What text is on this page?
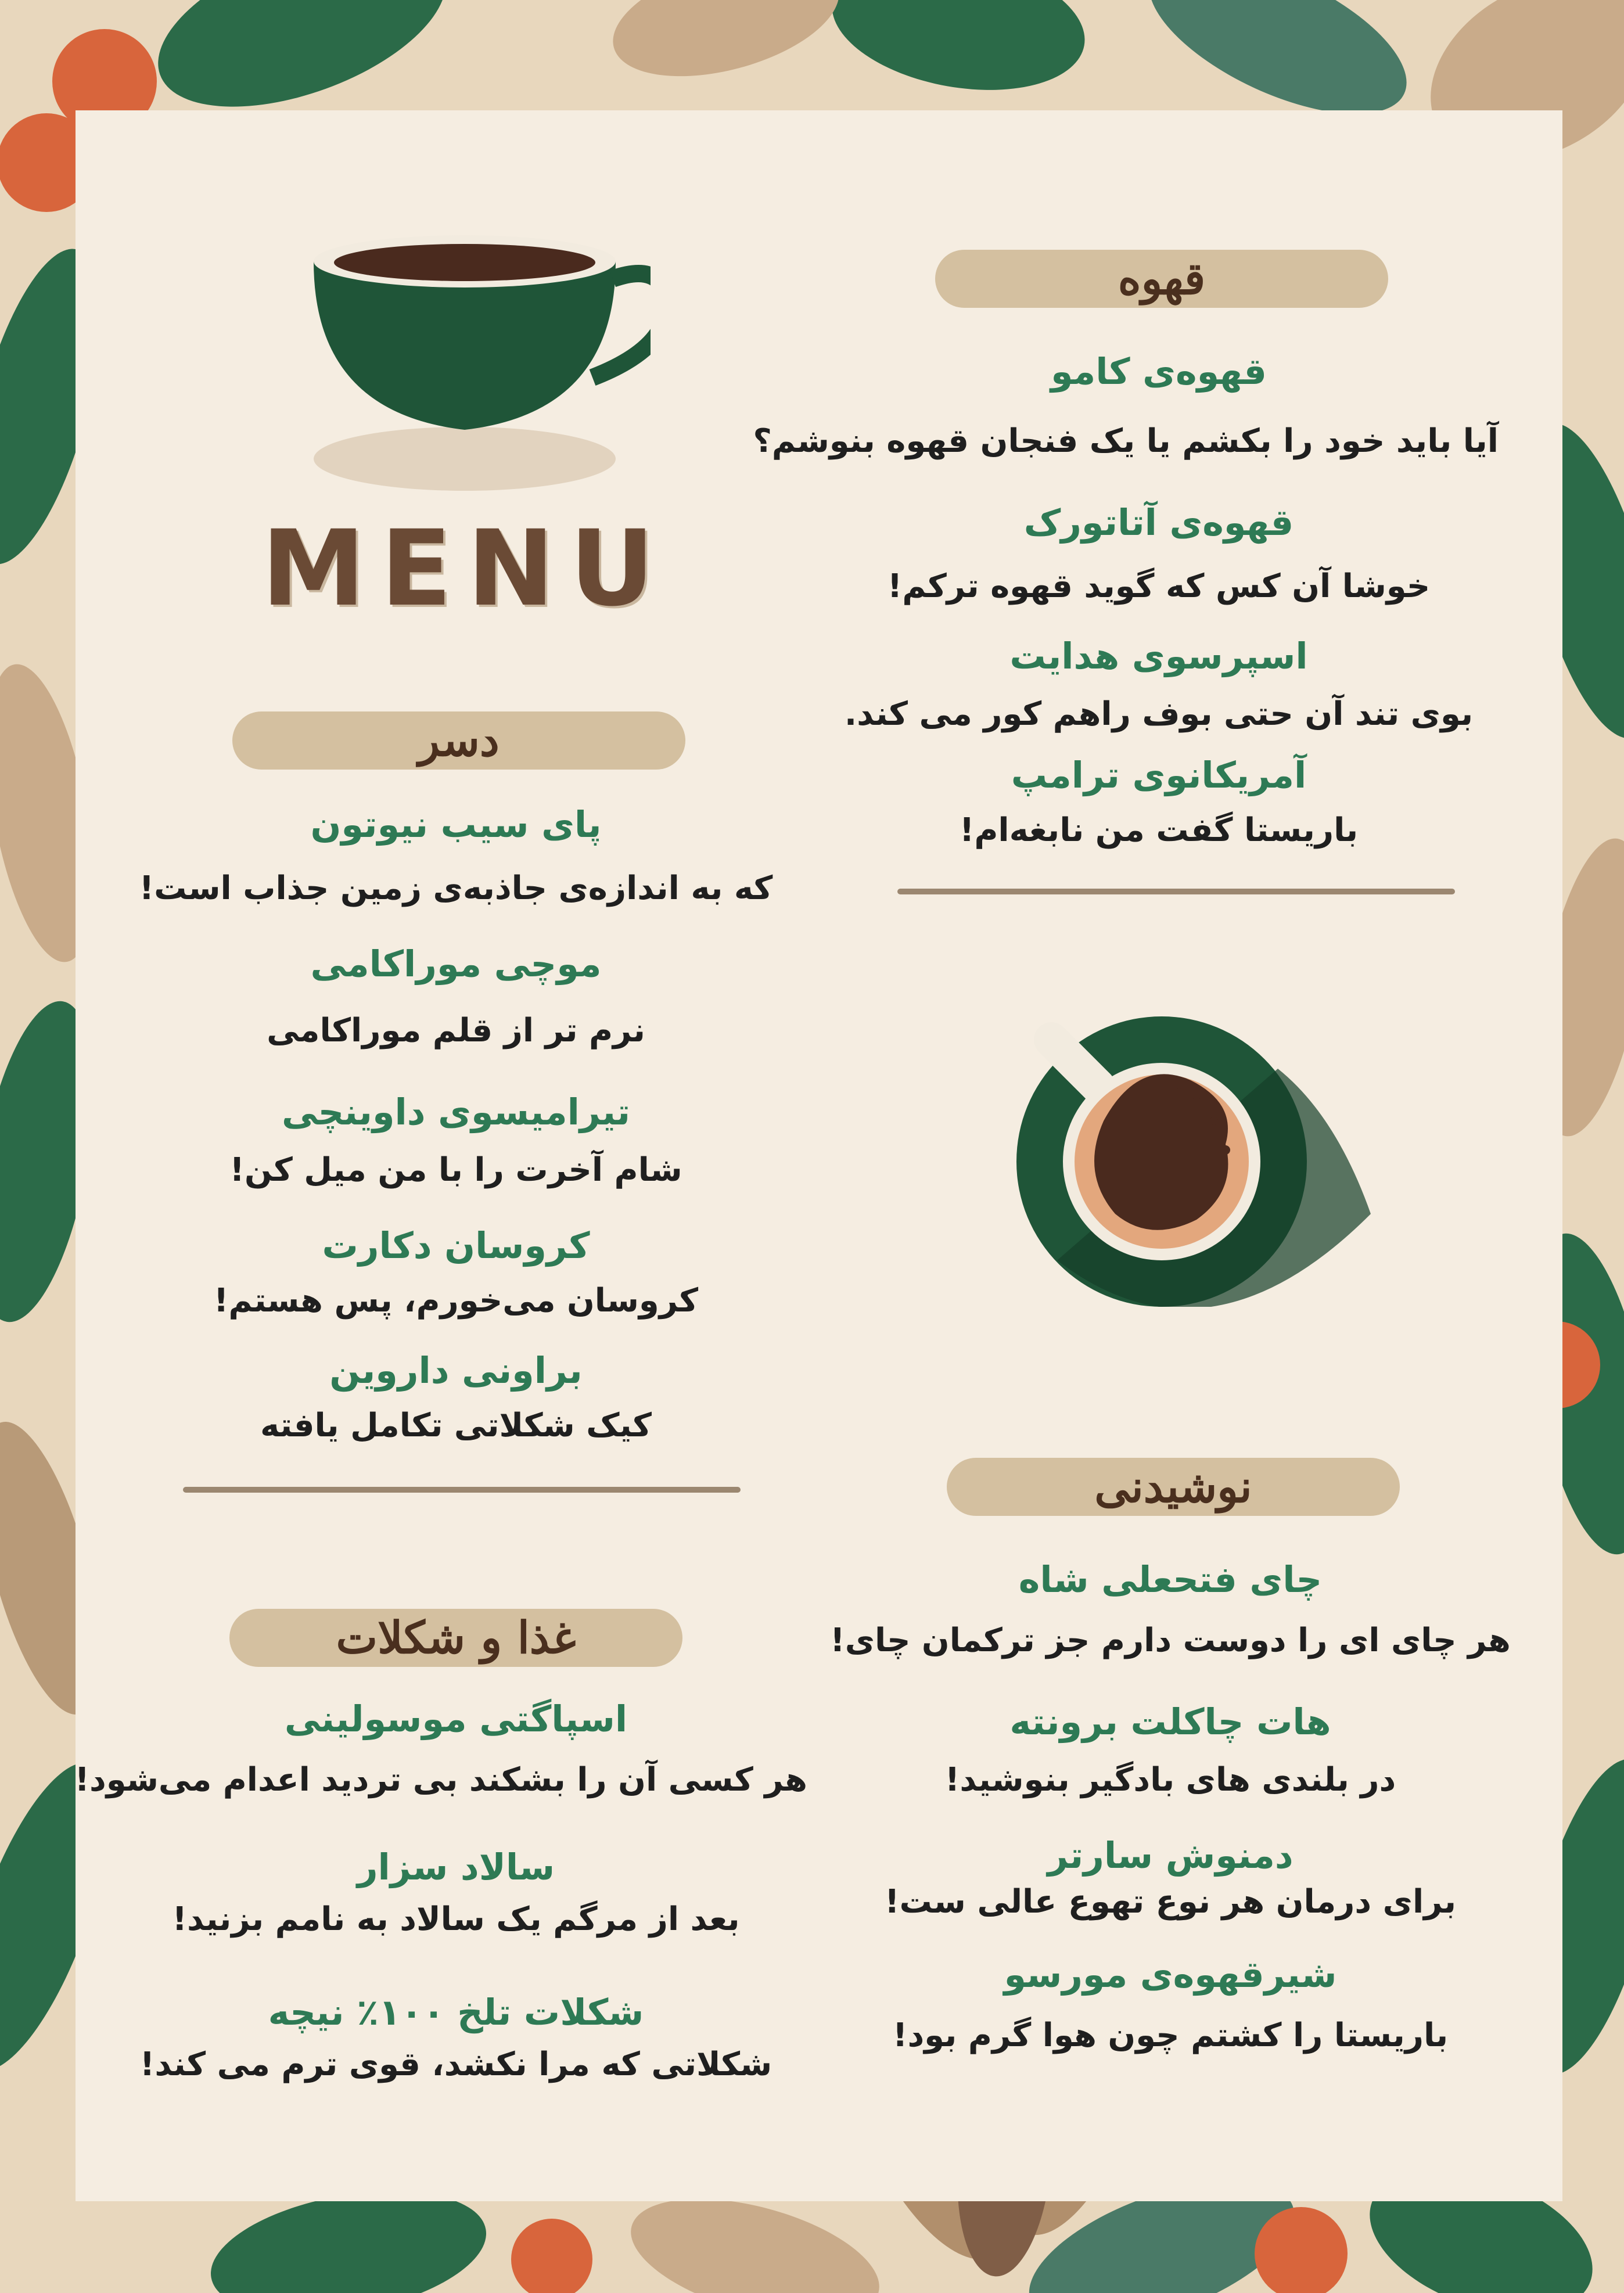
MENU
قهوه
قهوه‌ی کامو
آیا باید خود را بکشم یا یک فنجان قهوه بنوشم؟
قهوه‌ی آتاتورک
خوشا آن کس که گوید قهوه ترکم!
اسپرسوی هدایت
بوی تند آن حتی بوف راهم کور می کند.
آمریکانوی ترامپ
باریستا گفت من نابغه‌ام!
دسر
پای سیب نیوتون
که به اندازه‌ی جاذبه‌ی زمین جذاب است!
موچی موراکامی
نرم تر از قلم موراکامی
تیرامیسوی داوینچی
شام آخرت را با من میل کن!
کروسان دکارت
کروسان می‌خورم، پس هستم!
براونی داروین
کیک شکلاتی تکامل یافته
نوشیدنی
چای فتحعلی شاه
هر چای ای را دوست دارم جز ترکمان چای!
هات چاکلت برونته
در بلندی های بادگیر بنوشید!
دمنوش سارتر
برای درمان هر نوع تهوع عالی ست!
شیرقهوه‌ی مورسو
باریستا را کشتم چون هوا گرم بود!
غذا و شکلات
اسپاگتی موسولینی
هر کسی آن را بشکند بی تردید اعدام می‌شود!
سالاد سزار
بعد از مرگم یک سالاد به نامم بزنید!
شکلات تلخ ۱۰۰٪ نیچه
شکلاتی که مرا نکشد، قوی ترم می کند!
